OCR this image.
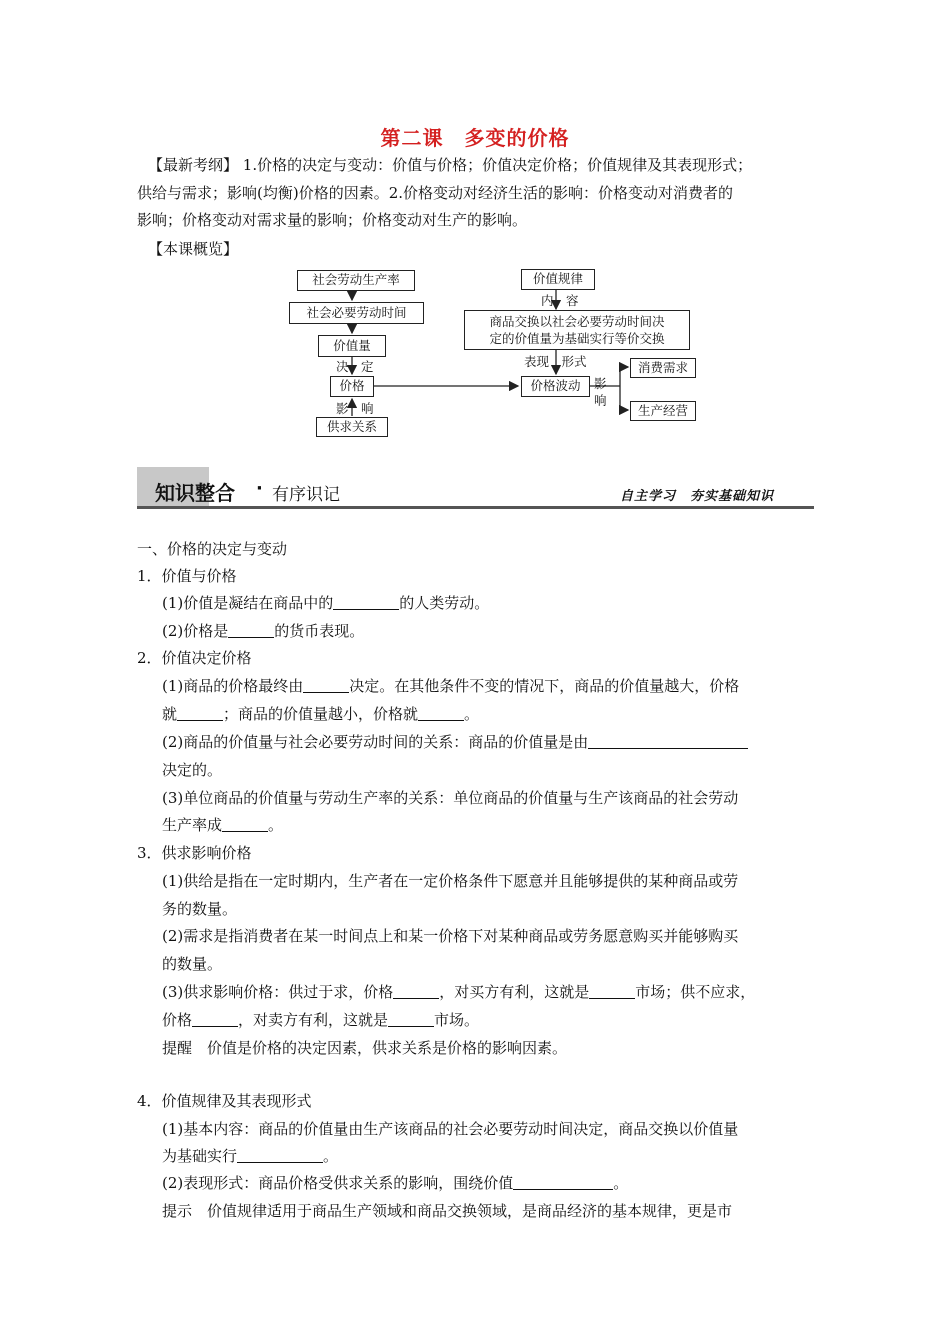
第二课　多变的价格
【最新考纲】 1.价格的决定与变动：价值与价格；价值决定价格；价值规律及其表现形式；
供给与需求；影响(均衡)价格的因素。2.价格变动对经济生活的影响：价格变动对消费者的
影响；价格变动对需求量的影响；价格变动对生产的影响。
【本课概览】
社会劳动生产率
社会必要劳动时间
价值量
决　定
价格
影　响
供求关系
价值规律
内　容
商品交换以社会必要劳动时间决
定的价值量为基础实行等价交换
表现　形式
价格波动	影
响
消费需求
生产经营
知识整合 · 有序识记	自主学习　夯实基础知识
一、价格的决定与变动
1．价值与价格
(1)价值是凝结在商品中的	的人类劳动。
(2)价格是	的货币表现。
2．价值决定价格
(1)商品的价格最终由	决定。在其他条件不变的情况下，商品的价值量越大，价格
就	；商品的价值量越小，价格就	。
(2)商品的价值量与社会必要劳动时间的关系：商品的价值量是由
决定的。
(3)单位商品的价值量与劳动生产率的关系：单位商品的价值量与生产该商品的社会劳动
生产率成	。
3．供求影响价格
(1)供给是指在一定时期内，生产者在一定价格条件下愿意并且能够提供的某种商品或劳
务的数量。
(2)需求是指消费者在某一时间点上和某一价格下对某种商品或劳务愿意购买并能够购买
的数量。
(3)供求影响价格：供过于求，价格	，对买方有利，这就是	市场；供不应求，
价格	，对卖方有利，这就是	市场。
提醒　价值是价格的决定因素，供求关系是价格的影响因素。
4．价值规律及其表现形式
(1)基本内容：商品的价值量由生产该商品的社会必要劳动时间决定，商品交换以价值量
为基础实行	。
(2)表现形式：商品价格受供求关系的影响，围绕价值	。
提示　价值规律适用于商品生产领域和商品交换领域，是商品经济的基本规律，更是市
